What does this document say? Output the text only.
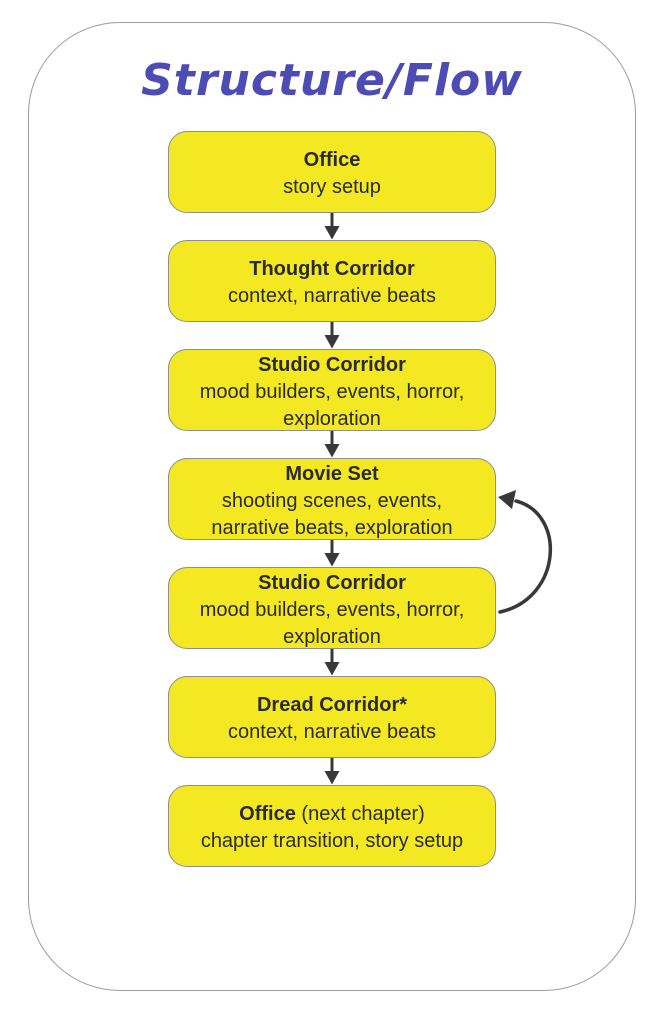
Structure/Flow
Office
story setup
Thought Corridor
context, narrative beats
Studio Corridor
mood builders, events, horror, exploration
Movie Set
shooting scenes, events, narrative beats, exploration
Studio Corridor
mood builders, events, horror, exploration
Dread Corridor*
context, narrative beats
Office (next chapter)
chapter transition, story setup
